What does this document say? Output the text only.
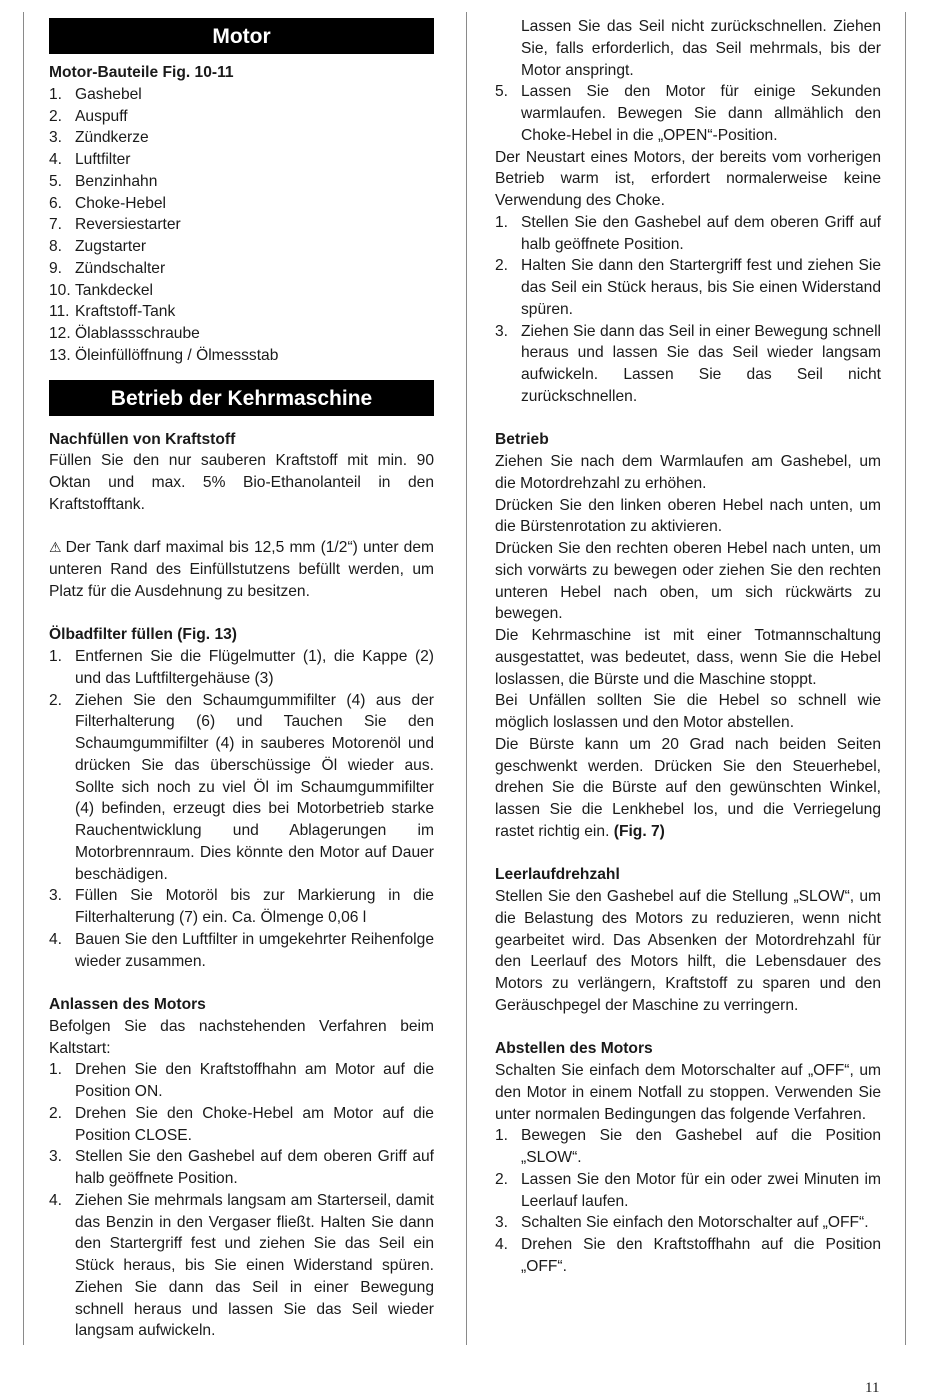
Motor
Motor-Bauteile Fig. 10-11
1. Gashebel
2. Auspuff
3. Zündkerze
4. Luftfilter
5. Benzinhahn
6. Choke-Hebel
7. Reversiestarter
8. Zugstarter
9. Zündschalter
10. Tankdeckel
11. Kraftstoff-Tank
12. Ölablassschraube
13. Öleinfüllöffnung / Ölmessstab
Betrieb der Kehrmaschine
Nachfüllen von Kraftstoff

Füllen Sie den nur sauberen Kraftstoff mit min. 90 Oktan und max. 5% Bio-Ethanolanteil in den Kraftstofftank.

⚠ Der Tank darf maximal bis 12,5 mm (1/2“) unter dem unteren Rand des Einfüllstutzens befüllt werden, um Platz für die Ausdehnung zu besitzen.

Ölbadfilter füllen (Fig. 13)
1. Entfernen Sie die Flügelmutter (1), die Kappe (2) und das Luftfiltergehäuse (3)
2. Ziehen Sie den Schaumgummifilter (4) aus der Filterhalterung (6) und Tauchen Sie den Schaumgummifilter (4) in sauberes Motorenöl und drücken Sie das überschüssige Öl wieder aus. Sollte sich noch zu viel Öl im Schaumgummifilter (4) befinden, erzeugt dies bei Motorbetrieb starke Rauchentwicklung und Ablagerungen im Motorbrennraum. Dies könnte den Motor auf Dauer beschädigen.
3. Füllen Sie Motoröl bis zur Markierung in die Filterhalterung (7) ein. Ca. Ölmenge 0,06 l
4. Bauen Sie den Luftfilter in umgekehrter Reihenfolge wieder zusammen.
Anlassen des Motors

Befolgen Sie das nachstehenden Verfahren beim Kaltstart:

1. Drehen Sie den Kraftstoffhahn am Motor auf die Position ON.
2. Drehen Sie den Choke-Hebel am Motor auf die Position CLOSE.
3. Stellen Sie den Gashebel auf dem oberen Griff auf halb geöffnete Position.
4. Ziehen Sie mehrmals langsam am Starterseil, damit das Benzin in den Vergaser fließt. Halten Sie dann den Startergriff fest und ziehen Sie das Seil ein Stück heraus, bis Sie einen Widerstand spüren. Ziehen Sie dann das Seil in einer Bewegung schnell heraus und lassen Sie das Seil wieder langsam aufwickeln.
Lassen Sie das Seil nicht zurückschnellen. Ziehen Sie, falls erforderlich, das Seil mehrmals, bis der Motor anspringt.
5. Lassen Sie den Motor für einige Sekunden warmlaufen. Bewegen Sie dann allmählich den Choke-Hebel in die „OPEN“-Position.

Der Neustart eines Motors, der bereits vom vorherigen Betrieb warm ist, erfordert normalerweise keine Verwendung des Choke.

1. Stellen Sie den Gashebel auf dem oberen Griff auf halb geöffnete Position.
2. Halten Sie dann den Startergriff fest und ziehen Sie das Seil ein Stück heraus, bis Sie einen Widerstand spüren.
3. Ziehen Sie dann das Seil in einer Bewegung schnell heraus und lassen Sie das Seil wieder langsam aufwickeln. Lassen Sie das Seil nicht zurückschnellen.
Betrieb

Ziehen Sie nach dem Warmlaufen am Gashebel, um die Motordrehzahl zu erhöhen.

Drücken Sie den linken oberen Hebel nach unten, um die Bürstenrotation zu aktivieren.

Drücken Sie den rechten oberen Hebel nach unten, um sich vorwärts zu bewegen oder ziehen Sie den rechten unteren Hebel nach oben, um sich rückwärts zu bewegen.

Die Kehrmaschine ist mit einer Totmannschaltung ausgestattet, was bedeutet, dass, wenn Sie die Hebel loslassen, die Bürste und die Maschine stoppt.

Bei Unfällen sollten Sie die Hebel so schnell wie möglich loslassen und den Motor abstellen.

Die Bürste kann um 20 Grad nach beiden Seiten geschwenkt werden. Drücken Sie den Steuerhebel, drehen Sie die Bürste auf den gewünschten Winkel, lassen Sie die Lenkhebel los, und die Verriegelung rastet richtig ein. (Fig. 7)

Leerlaufdrehzahl

Stellen Sie den Gashebel auf die Stellung „SLOW“, um die Belastung des Motors zu reduzieren, wenn nicht gearbeitet wird. Das Absenken der Motordrehzahl für den Leerlauf des Motors hilft, die Lebensdauer des Motors zu verlängern, Kraftstoff zu sparen und den Geräuschpegel der Maschine zu verringern.

Abstellen des Motors

Schalten Sie einfach dem Motorschalter auf „OFF“, um den Motor in einem Notfall zu stoppen. Verwenden Sie unter normalen Bedingungen das folgende Verfahren.

1. Bewegen Sie den Gashebel auf die Position „SLOW“.
2. Lassen Sie den Motor für ein oder zwei Minuten im Leerlauf laufen.
3. Schalten Sie einfach den Motorschalter auf „OFF“.
4. Drehen Sie den Kraftstoffhahn auf die Position „OFF“.
11
